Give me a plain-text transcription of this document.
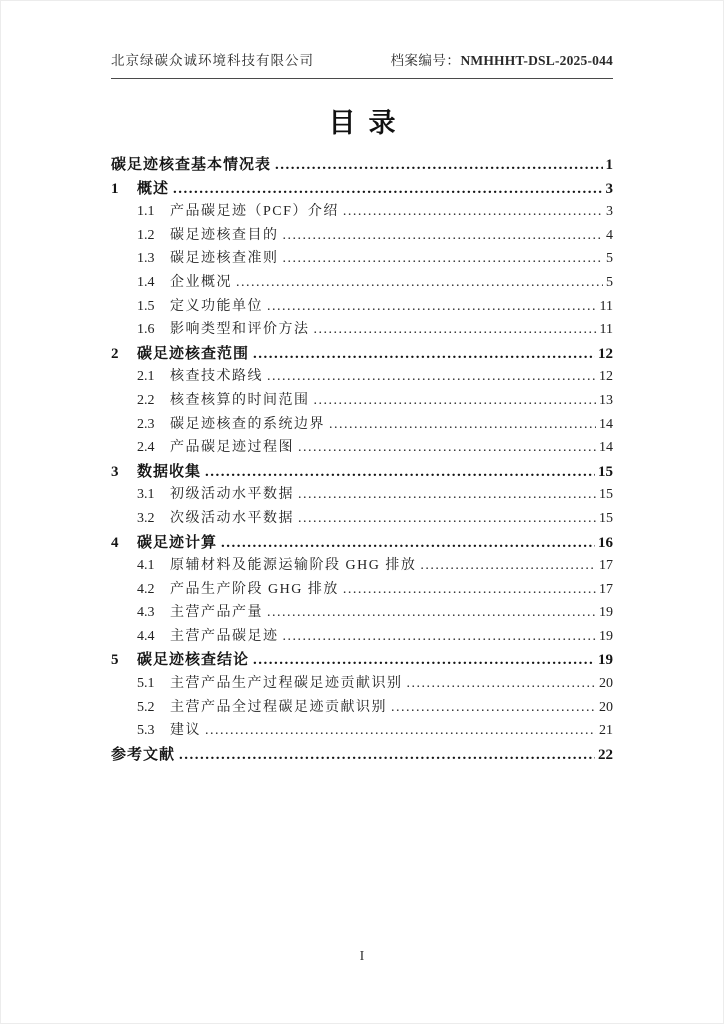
北京绿碳众诚环境科技有限公司	档案编号：NMHHHT-DSL-2025-044
目录
碳足迹核查基本情况表 .....	1
1	概述 .....	3
1.1	产品碳足迹（PCF）介绍 .....	3
1.2	碳足迹核查目的 .....	4
1.3	碳足迹核查准则 .....	5
1.4	企业概况 .....	5
1.5	定义功能单位 .....	11
1.6	影响类型和评价方法 .....	11
2	碳足迹核查范围 .....	12
2.1	核查技术路线 .....	12
2.2	核查核算的时间范围 .....	13
2.3	碳足迹核查的系统边界 .....	14
2.4	产品碳足迹过程图 .....	14
3	数据收集 .....	15
3.1	初级活动水平数据 .....	15
3.2	次级活动水平数据 .....	15
4	碳足迹计算 .....	16
4.1	原辅材料及能源运输阶段 GHG 排放 .....	17
4.2	产品生产阶段 GHG 排放 .....	17
4.3	主营产品产量 .....	19
4.4	主营产品碳足迹 .....	19
5	碳足迹核查结论 .....	19
5.1	主营产品生产过程碳足迹贡献识别 .....	20
5.2	主营产品全过程碳足迹贡献识别 .....	20
5.3	建议 .....	21
参考文献 .....	22
I
